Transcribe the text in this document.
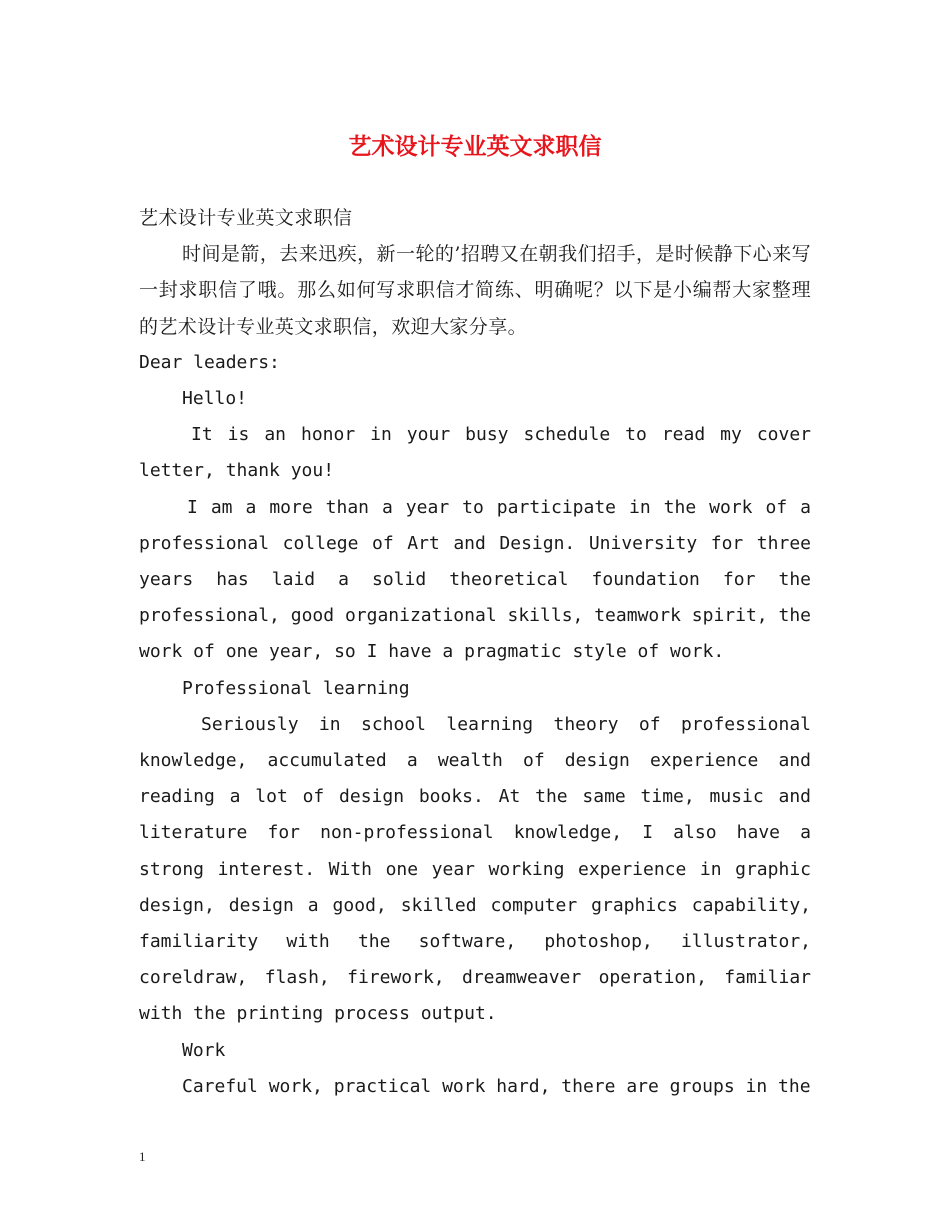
艺术设计专业英文求职信

艺术设计专业英文求职信

时间是箭，去来迅疾，新一轮的’招聘又在朝我们招手，是时候静下心来写一封求职信了哦。那么如何写求职信才简练、明确呢？以下是小编帮大家整理的艺术设计专业英文求职信，欢迎大家分享。

Dear leaders:

Hello!

It is an honor in your busy schedule to read my cover letter, thank you!

I am a more than a year to participate in the work of a professional college of Art and Design. University for three years has laid a solid theoretical foundation for the professional, good organizational skills, teamwork spirit, the work of one year, so I have a pragmatic style of work.

Professional learning

Seriously in school learning theory of professional knowledge, accumulated a wealth of design experience and reading a lot of design books. At the same time, music and literature for non-professional knowledge, I also have a strong interest. With one year working experience in graphic design, design a good, skilled computer graphics capability, familiarity with the software, photoshop, illustrator, coreldraw, flash, firework, dreamweaver operation, familiar with the printing process output.

Work

Careful work, practical work hard, there are groups in the

1
